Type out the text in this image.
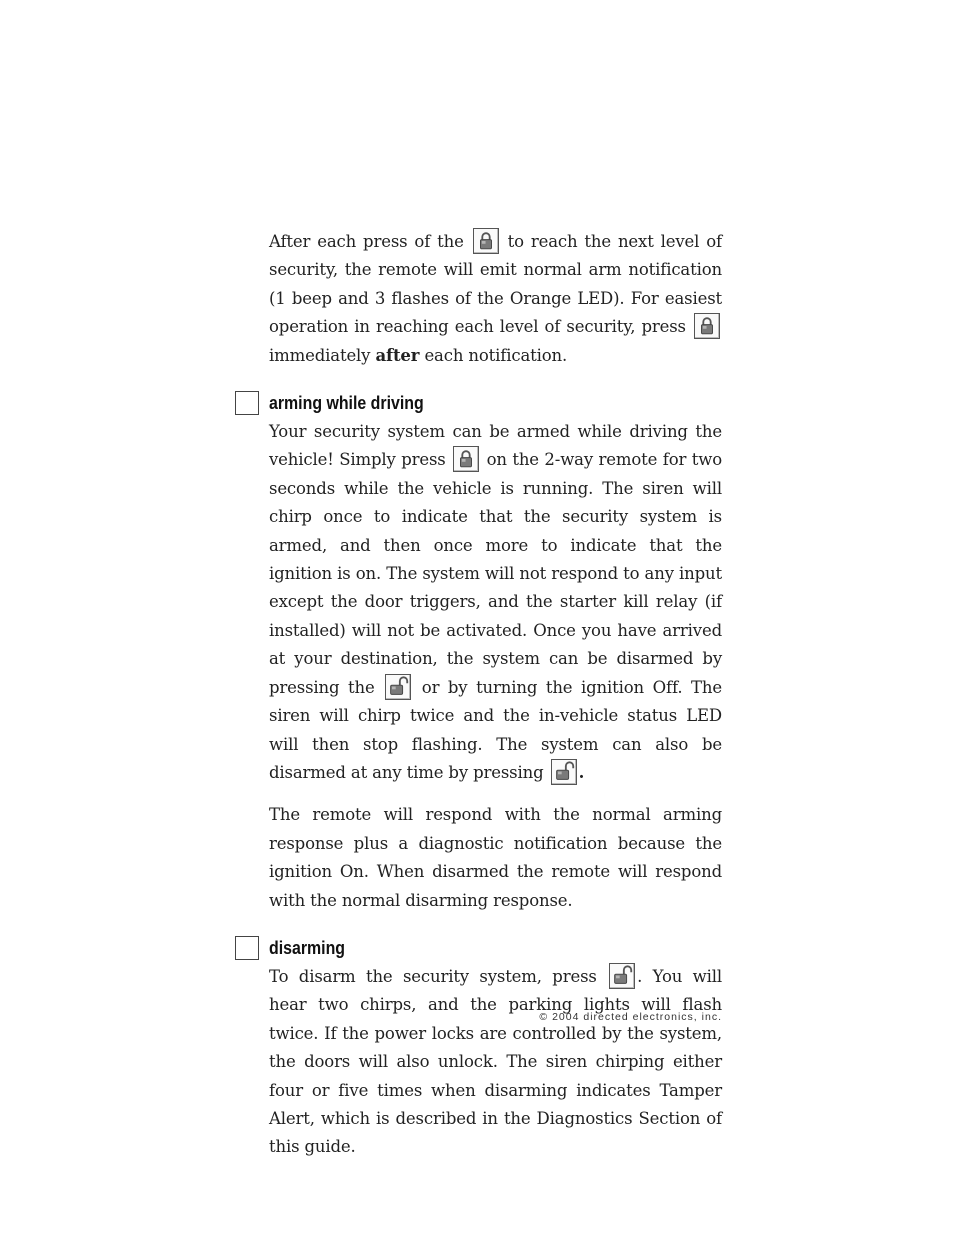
After each press of the	to reach the next level of security, the remote will emit normal arm notification (1 beep and 3 flashes of the Orange LED). For easiest operation in reaching each level of security, press
immediately after each notification.

arming while driving

Your security system can be armed while driving the vehicle! Simply press on the 2-way remote for two seconds while the vehicle is running. The siren will chirp once to indicate that the security system is armed, and then once more to indicate that the ignition is on. The system will not respond to any input except the door triggers, and the starter kill relay (if installed) will not be activated. Once you have arrived at your destination, the system can be disarmed by pressing the	or by turning the ignition Off. The siren will chirp twice and the in-vehicle status LED will then stop flashing. The system can also be disarmed at any time by pressing .

The remote will respond with the normal arming response plus a diagnostic notification because the ignition On. When disarmed the remote will respond with the normal disarming response.

disarming

To disarm the security system, press . You will hear two chirps, and the parking lights will flash twice. If the power locks are controlled by the system, the doors will also unlock. The siren chirping either four or five times when disarming indicates Tamper Alert, which is described in the Diagnostics Section of this guide.

© 2004 directed electronics, inc.
